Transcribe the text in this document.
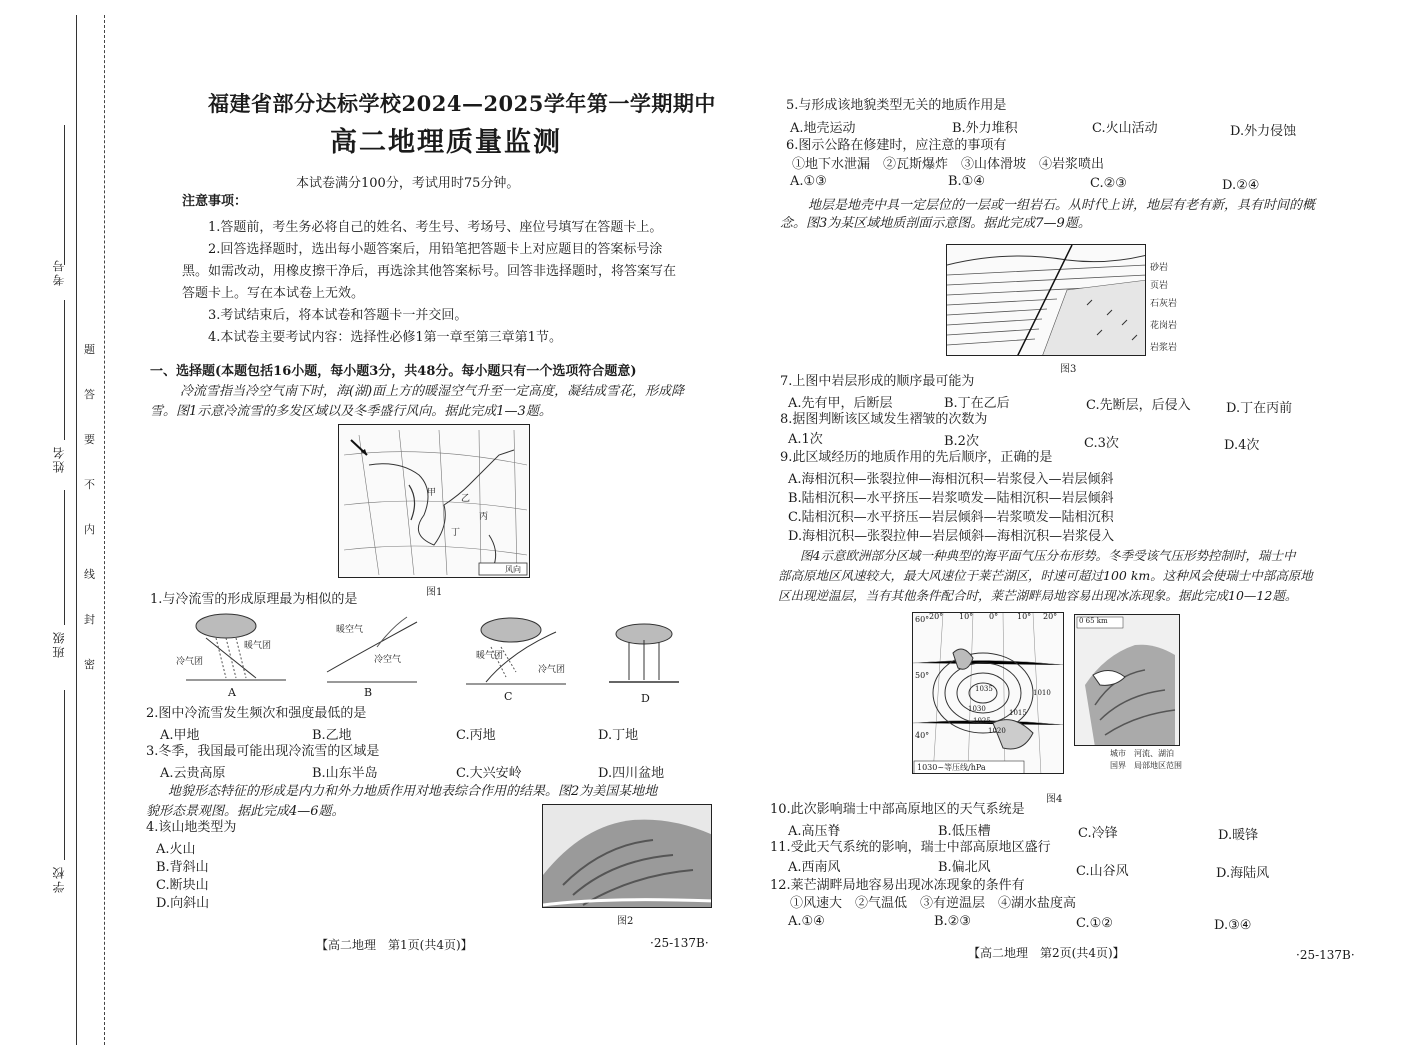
考号
姓名
班级
学校
题
答
要
不
内
线
封
密
福建省部分达标学校2024—2025学年第一学期期中
高二地理质量监测
本试卷满分100分，考试用时75分钟。
注意事项：
1.答题前，考生务必将自己的姓名、考生号、考场号、座位号填写在答题卡上。
2.回答选择题时，选出每小题答案后，用铅笔把答题卡上对应题目的答案标号涂
黑。如需改动，用橡皮擦干净后，再选涂其他答案标号。回答非选择题时，将答案写在
答题卡上。写在本试卷上无效。
3.考试结束后，将本试卷和答题卡一并交回。
4.本试卷主要考试内容：选择性必修1第一章至第三章第1节。
一、选择题(本题包括16小题，每小题3分，共48分。每小题只有一个选项符合题意)
冷流雪指当冷空气南下时，海(湖)面上方的暖湿空气升至一定高度，凝结成雪花，形成降
雪。图1示意冷流雪的多发区域以及冬季盛行风向。据此完成1—3题。
甲
乙
丙
丁
风向
图1
1.与冷流雪的形成原理最为相似的是
暖气团
冷气团
A
暖空气
冷空气
B
暖气团
冷气团
C	D
2.图中冷流雪发生频次和强度最低的是
A.甲地	B.乙地	C.丙地	D.丁地
3.冬季，我国最可能出现冷流雪的区域是
A.云贵高原	B.山东半岛	C.大兴安岭	D.四川盆地
地貌形态特征的形成是内力和外力地质作用对地表综合作用的结果。图2为美国某地地
貌形态景观图。据此完成4—6题。
4.该山地类型为
A.火山
B.背斜山
C.断块山
D.向斜山
图2
【高二地理　第1页(共4页)】	·25-137B·
5.与形成该地貌类型无关的地质作用是
A.地壳运动	B.外力堆积	C.火山活动	D.外力侵蚀
6.图示公路在修建时，应注意的事项有
①地下水泄漏　②瓦斯爆炸　③山体滑坡　④岩浆喷出
A.①③	B.①④	C.②③	D.②④
地层是地壳中具一定层位的一层或一组岩石。从时代上讲，地层有老有新，具有时间的概
念。图3为某区域地质剖面示意图。据此完成7—9题。
砂岩
页岩
石灰岩
花岗岩
岩浆岩
图3
7.上图中岩层形成的顺序最可能为
A.先有甲，后断层	B.丁在乙后	C.先断层，后侵入	D.丁在丙前
8.据图判断该区域发生褶皱的次数为
A.1次	B.2次	C.3次	D.4次
9.此区域经历的地质作用的先后顺序，正确的是
A.海相沉积—张裂拉伸—海相沉积—岩浆侵入—岩层倾斜
B.陆相沉积—水平挤压—岩浆喷发—陆相沉积—岩层倾斜
C.陆相沉积—水平挤压—岩层倾斜—岩浆喷发—陆相沉积
D.海相沉积—张裂拉伸—岩层倾斜—海相沉积—岩浆侵入
图4示意欧洲部分区域一种典型的海平面气压分布形势。冬季受该气压形势控制时，瑞士中
部高原地区风速较大，最大风速位于莱芒湖区，时速可超过100 km。这种风会使瑞士中部高原地
区出现逆温层，当有其他条件配合时，莱芒湖畔局地容易出现冰冻现象。据此完成10—12题。
20° 10° 0° 10° 20°
60°
50°
40°
1035
1030
1025
1020
1015
1010
1030~等压线/hPa
0 65 km
城市　河流、湖泊
国界　局部地区范围
图4
10.此次影响瑞士中部高原地区的天气系统是
A.高压脊	B.低压槽	C.冷锋	D.暖锋
11.受此天气系统的影响，瑞士中部高原地区盛行
A.西南风	B.偏北风	C.山谷风	D.海陆风
12.莱芒湖畔局地容易出现冰冻现象的条件有
①风速大　②气温低　③有逆温层　④湖水盐度高
A.①④	B.②③	C.①②	D.③④
【高二地理　第2页(共4页)】	·25-137B·
